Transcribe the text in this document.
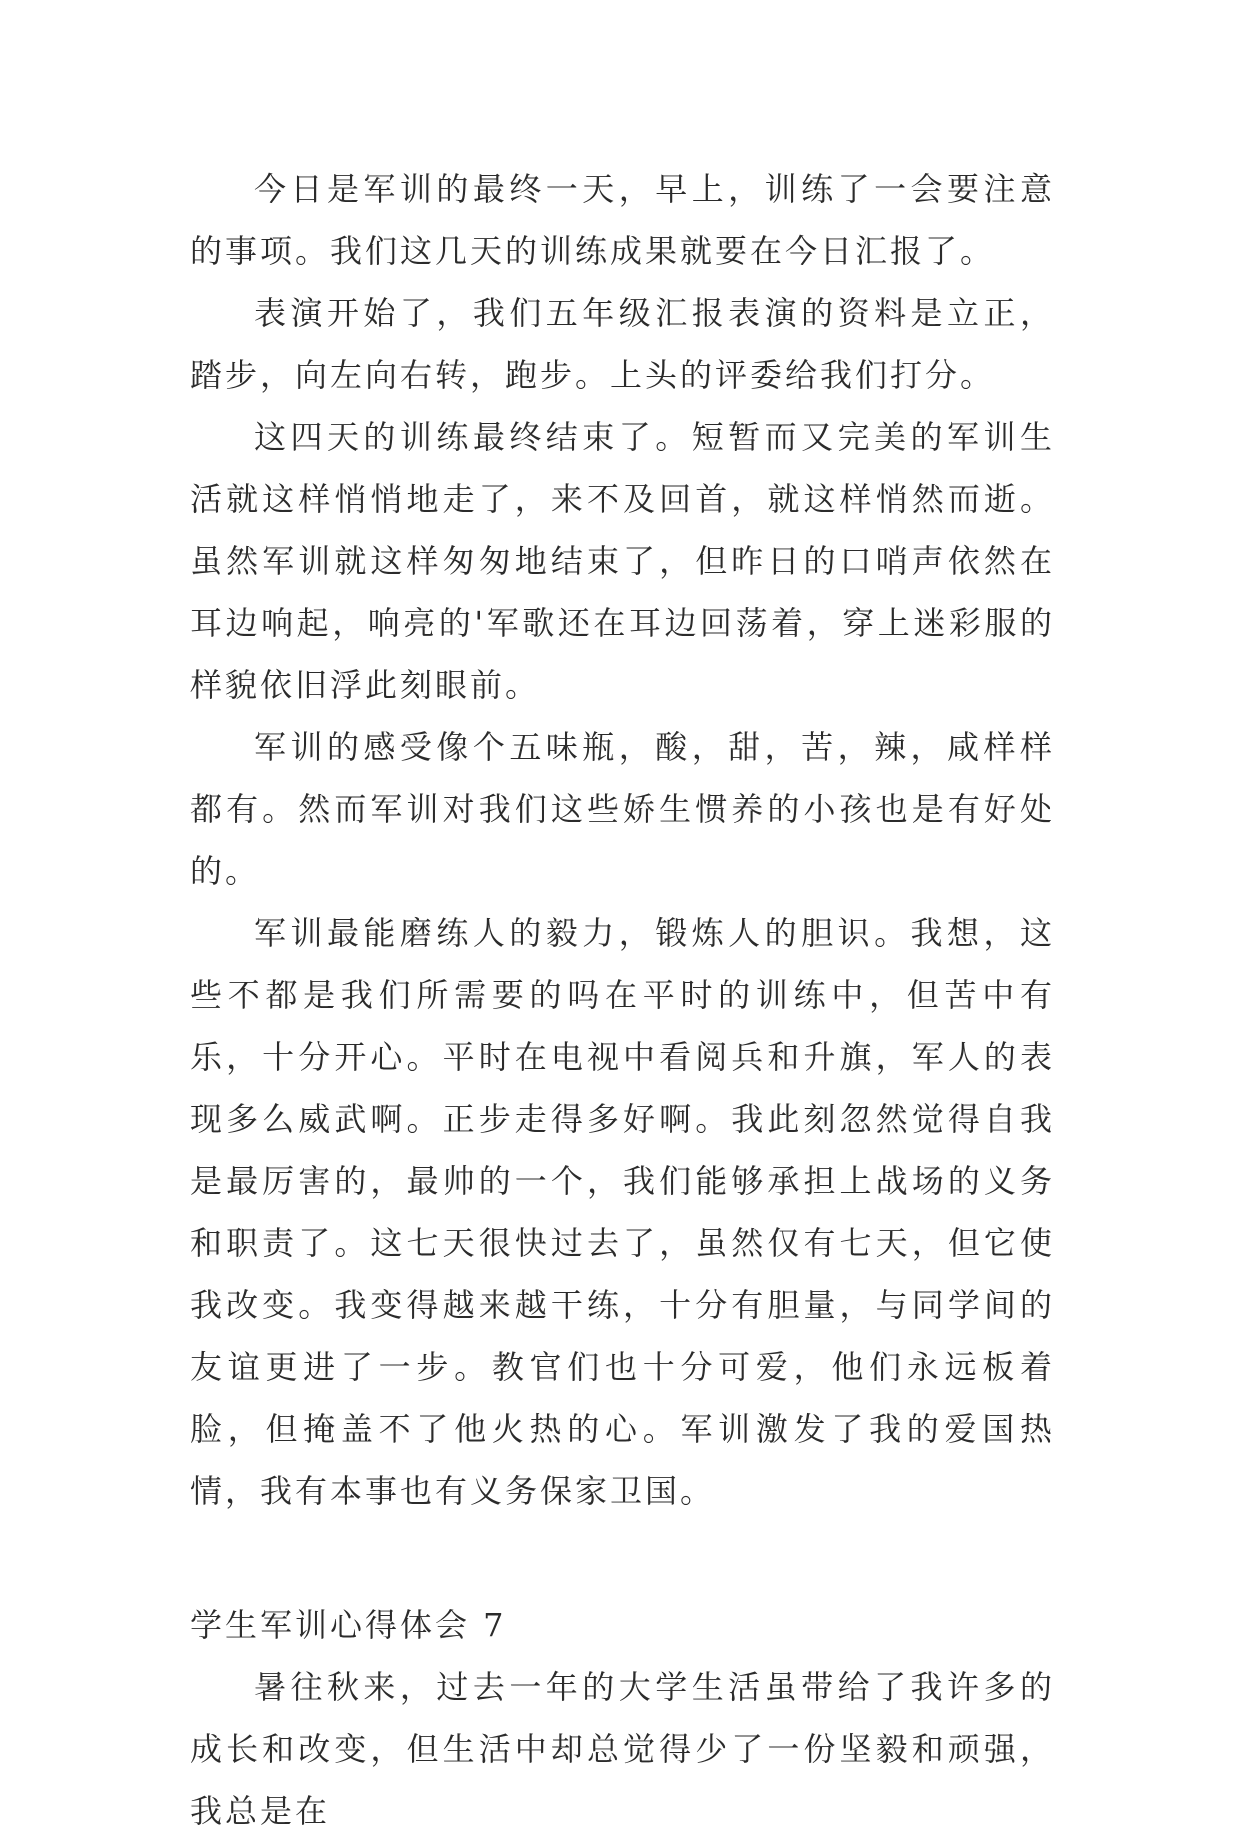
今日是军训的最终一天，早上，训练了一会要注意的事项。我们这几天的训练成果就要在今日汇报了。

表演开始了，我们五年级汇报表演的资料是立正，踏步，向左向右转，跑步。上头的评委给我们打分。

这四天的训练最终结束了。短暂而又完美的军训生活就这样悄悄地走了，来不及回首，就这样悄然而逝。虽然军训就这样匆匆地结束了，但昨日的口哨声依然在耳边响起，响亮的'军歌还在耳边回荡着，穿上迷彩服的样貌依旧浮此刻眼前。

军训的感受像个五味瓶，酸，甜，苦，辣，咸样样都有。然而军训对我们这些娇生惯养的小孩也是有好处的。

军训最能磨练人的毅力，锻炼人的胆识。我想，这些不都是我们所需要的吗在平时的训练中，但苦中有乐，十分开心。平时在电视中看阅兵和升旗，军人的表现多么威武啊。正步走得多好啊。我此刻忽然觉得自我是最厉害的，最帅的一个，我们能够承担上战场的义务和职责了。这七天很快过去了，虽然仅有七天，但它使我改变。我变得越来越干练，十分有胆量，与同学间的友谊更进了一步。教官们也十分可爱，他们永远板着脸，但掩盖不了他火热的心。军训激发了我的爱国热情，我有本事也有义务保家卫国。

学生军训心得体会 7

暑往秋来，过去一年的大学生活虽带给了我许多的成长和改变，但生活中却总觉得少了一份坚毅和顽强，我总是在
